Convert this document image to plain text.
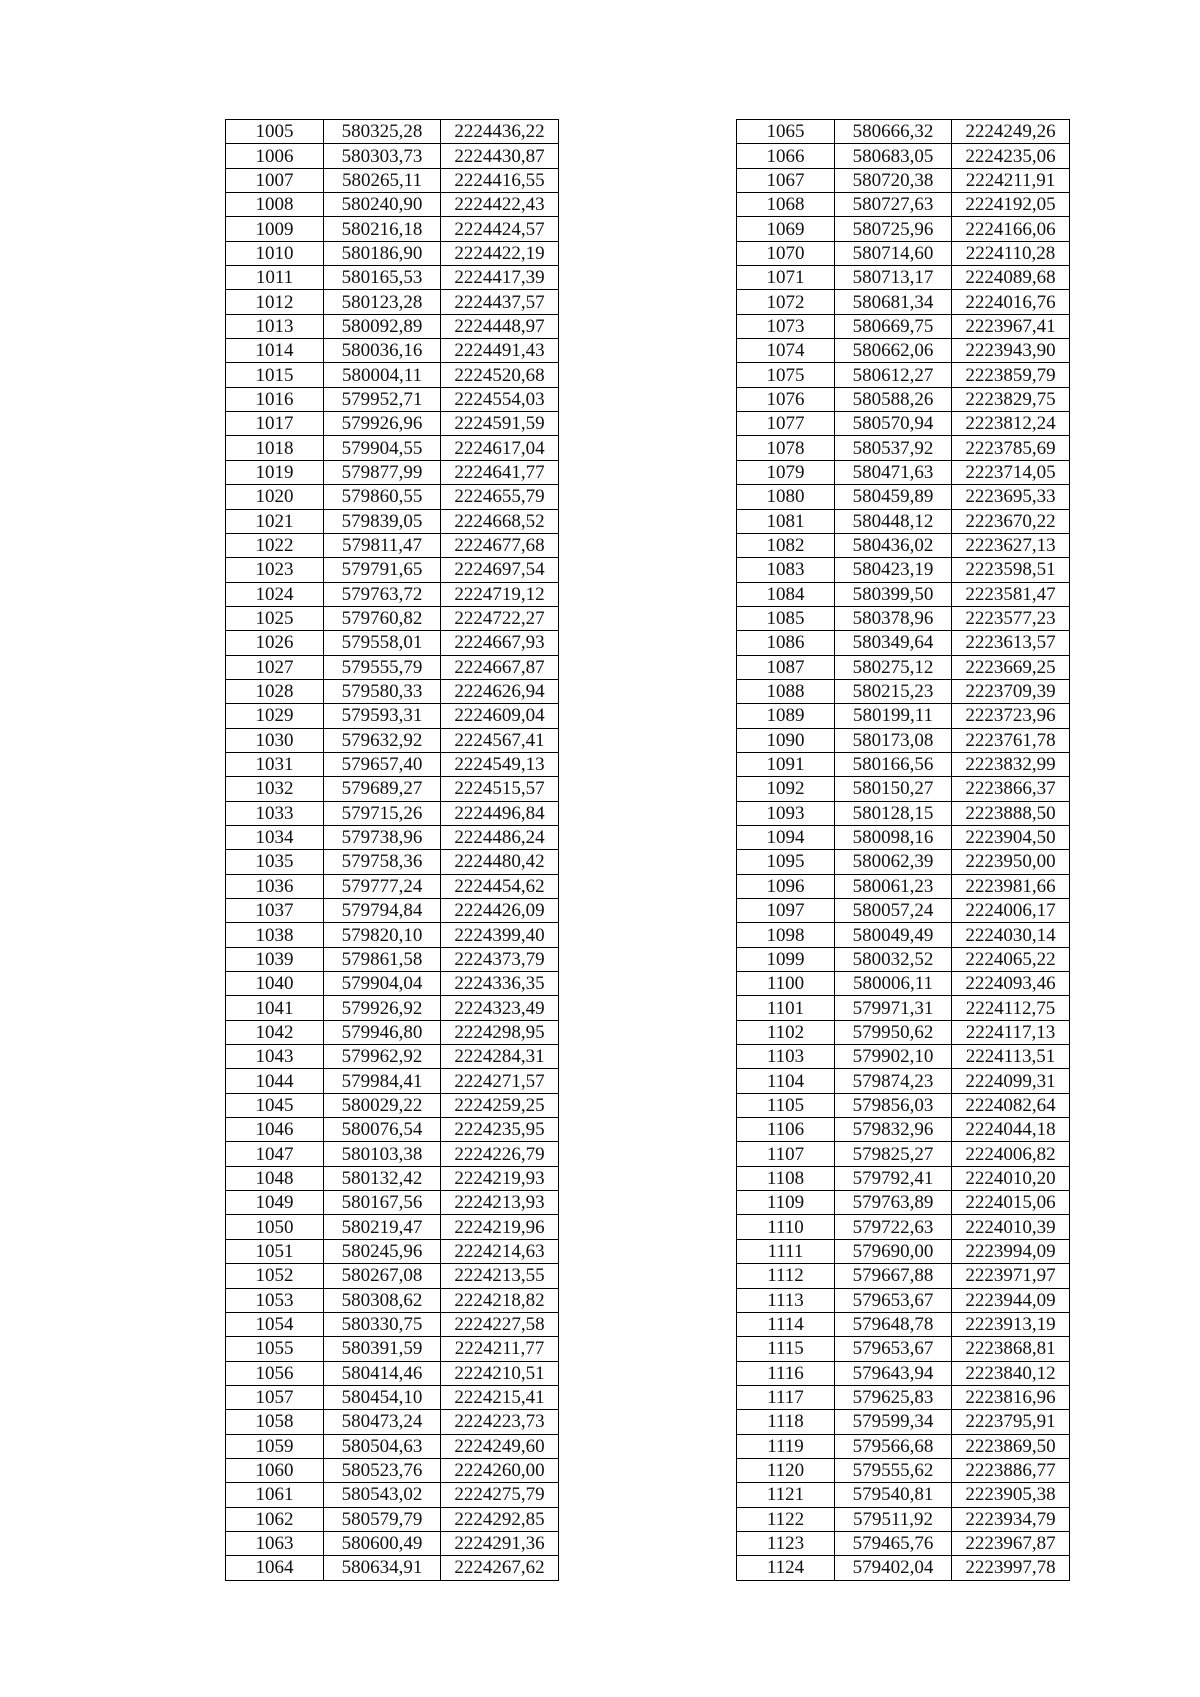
1005	580325,28	2224436,22
1006	580303,73	2224430,87
1007	580265,11	2224416,55
1008	580240,90	2224422,43
1009	580216,18	2224424,57
1010	580186,90	2224422,19
1011	580165,53	2224417,39
1012	580123,28	2224437,57
1013	580092,89	2224448,97
1014	580036,16	2224491,43
1015	580004,11	2224520,68
1016	579952,71	2224554,03
1017	579926,96	2224591,59
1018	579904,55	2224617,04
1019	579877,99	2224641,77
1020	579860,55	2224655,79
1021	579839,05	2224668,52
1022	579811,47	2224677,68
1023	579791,65	2224697,54
1024	579763,72	2224719,12
1025	579760,82	2224722,27
1026	579558,01	2224667,93
1027	579555,79	2224667,87
1028	579580,33	2224626,94
1029	579593,31	2224609,04
1030	579632,92	2224567,41
1031	579657,40	2224549,13
1032	579689,27	2224515,57
1033	579715,26	2224496,84
1034	579738,96	2224486,24
1035	579758,36	2224480,42
1036	579777,24	2224454,62
1037	579794,84	2224426,09
1038	579820,10	2224399,40
1039	579861,58	2224373,79
1040	579904,04	2224336,35
1041	579926,92	2224323,49
1042	579946,80	2224298,95
1043	579962,92	2224284,31
1044	579984,41	2224271,57
1045	580029,22	2224259,25
1046	580076,54	2224235,95
1047	580103,38	2224226,79
1048	580132,42	2224219,93
1049	580167,56	2224213,93
1050	580219,47	2224219,96
1051	580245,96	2224214,63
1052	580267,08	2224213,55
1053	580308,62	2224218,82
1054	580330,75	2224227,58
1055	580391,59	2224211,77
1056	580414,46	2224210,51
1057	580454,10	2224215,41
1058	580473,24	2224223,73
1059	580504,63	2224249,60
1060	580523,76	2224260,00
1061	580543,02	2224275,79
1062	580579,79	2224292,85
1063	580600,49	2224291,36
1064	580634,91	2224267,62
1065	580666,32	2224249,26
1066	580683,05	2224235,06
1067	580720,38	2224211,91
1068	580727,63	2224192,05
1069	580725,96	2224166,06
1070	580714,60	2224110,28
1071	580713,17	2224089,68
1072	580681,34	2224016,76
1073	580669,75	2223967,41
1074	580662,06	2223943,90
1075	580612,27	2223859,79
1076	580588,26	2223829,75
1077	580570,94	2223812,24
1078	580537,92	2223785,69
1079	580471,63	2223714,05
1080	580459,89	2223695,33
1081	580448,12	2223670,22
1082	580436,02	2223627,13
1083	580423,19	2223598,51
1084	580399,50	2223581,47
1085	580378,96	2223577,23
1086	580349,64	2223613,57
1087	580275,12	2223669,25
1088	580215,23	2223709,39
1089	580199,11	2223723,96
1090	580173,08	2223761,78
1091	580166,56	2223832,99
1092	580150,27	2223866,37
1093	580128,15	2223888,50
1094	580098,16	2223904,50
1095	580062,39	2223950,00
1096	580061,23	2223981,66
1097	580057,24	2224006,17
1098	580049,49	2224030,14
1099	580032,52	2224065,22
1100	580006,11	2224093,46
1101	579971,31	2224112,75
1102	579950,62	2224117,13
1103	579902,10	2224113,51
1104	579874,23	2224099,31
1105	579856,03	2224082,64
1106	579832,96	2224044,18
1107	579825,27	2224006,82
1108	579792,41	2224010,20
1109	579763,89	2224015,06
1110	579722,63	2224010,39
1111	579690,00	2223994,09
1112	579667,88	2223971,97
1113	579653,67	2223944,09
1114	579648,78	2223913,19
1115	579653,67	2223868,81
1116	579643,94	2223840,12
1117	579625,83	2223816,96
1118	579599,34	2223795,91
1119	579566,68	2223869,50
1120	579555,62	2223886,77
1121	579540,81	2223905,38
1122	579511,92	2223934,79
1123	579465,76	2223967,87
1124	579402,04	2223997,78
